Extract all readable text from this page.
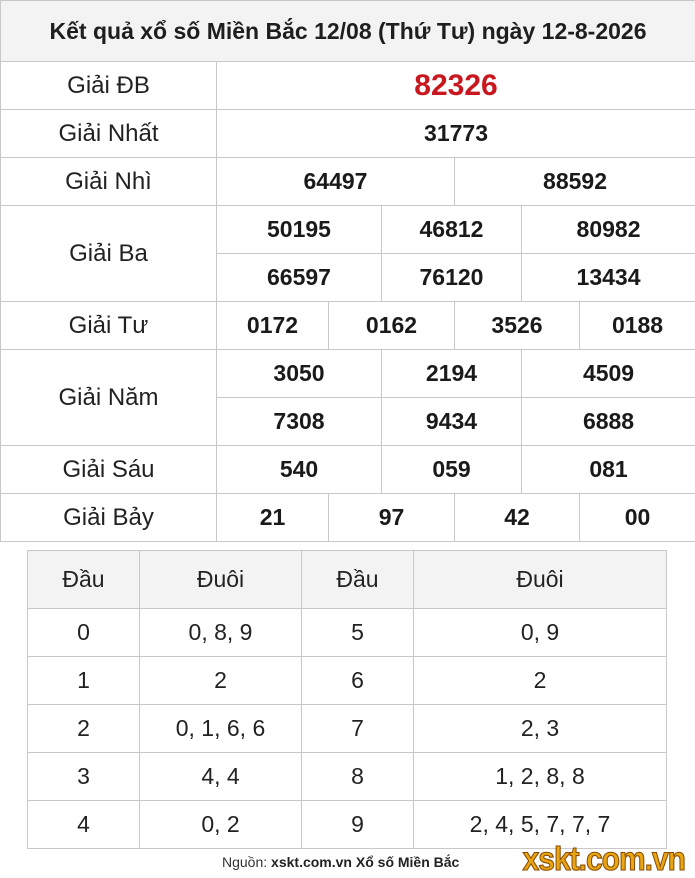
Kết quả xổ số Miền Bắc 12/08 (Thứ Tư) ngày 12-8-2026						
Giải ĐB	82326					
Giải Nhất	31773					
Giải Nhì	64497			88592		
Giải Ba	50195		46812		80982	
	66597		76120		13434	
Giải Tư	0172	0162		3526		0188
Giải Năm	3050		2194		4509	
	7308		9434		6888	
Giải Sáu	540		059		081	
Giải Bảy	21	97		42		00
Đầu	Đuôi	Đầu	Đuôi
0	0, 8, 9	5	0, 9
1	2	6	2
2	0, 1, 6, 6	7	2, 3
3	4, 4	8	1, 2, 8, 8
4	0, 2	9	2, 4, 5, 7, 7, 7
Nguồn: xskt.com.vn Xổ số Miền Bắc xskt.com.vn
